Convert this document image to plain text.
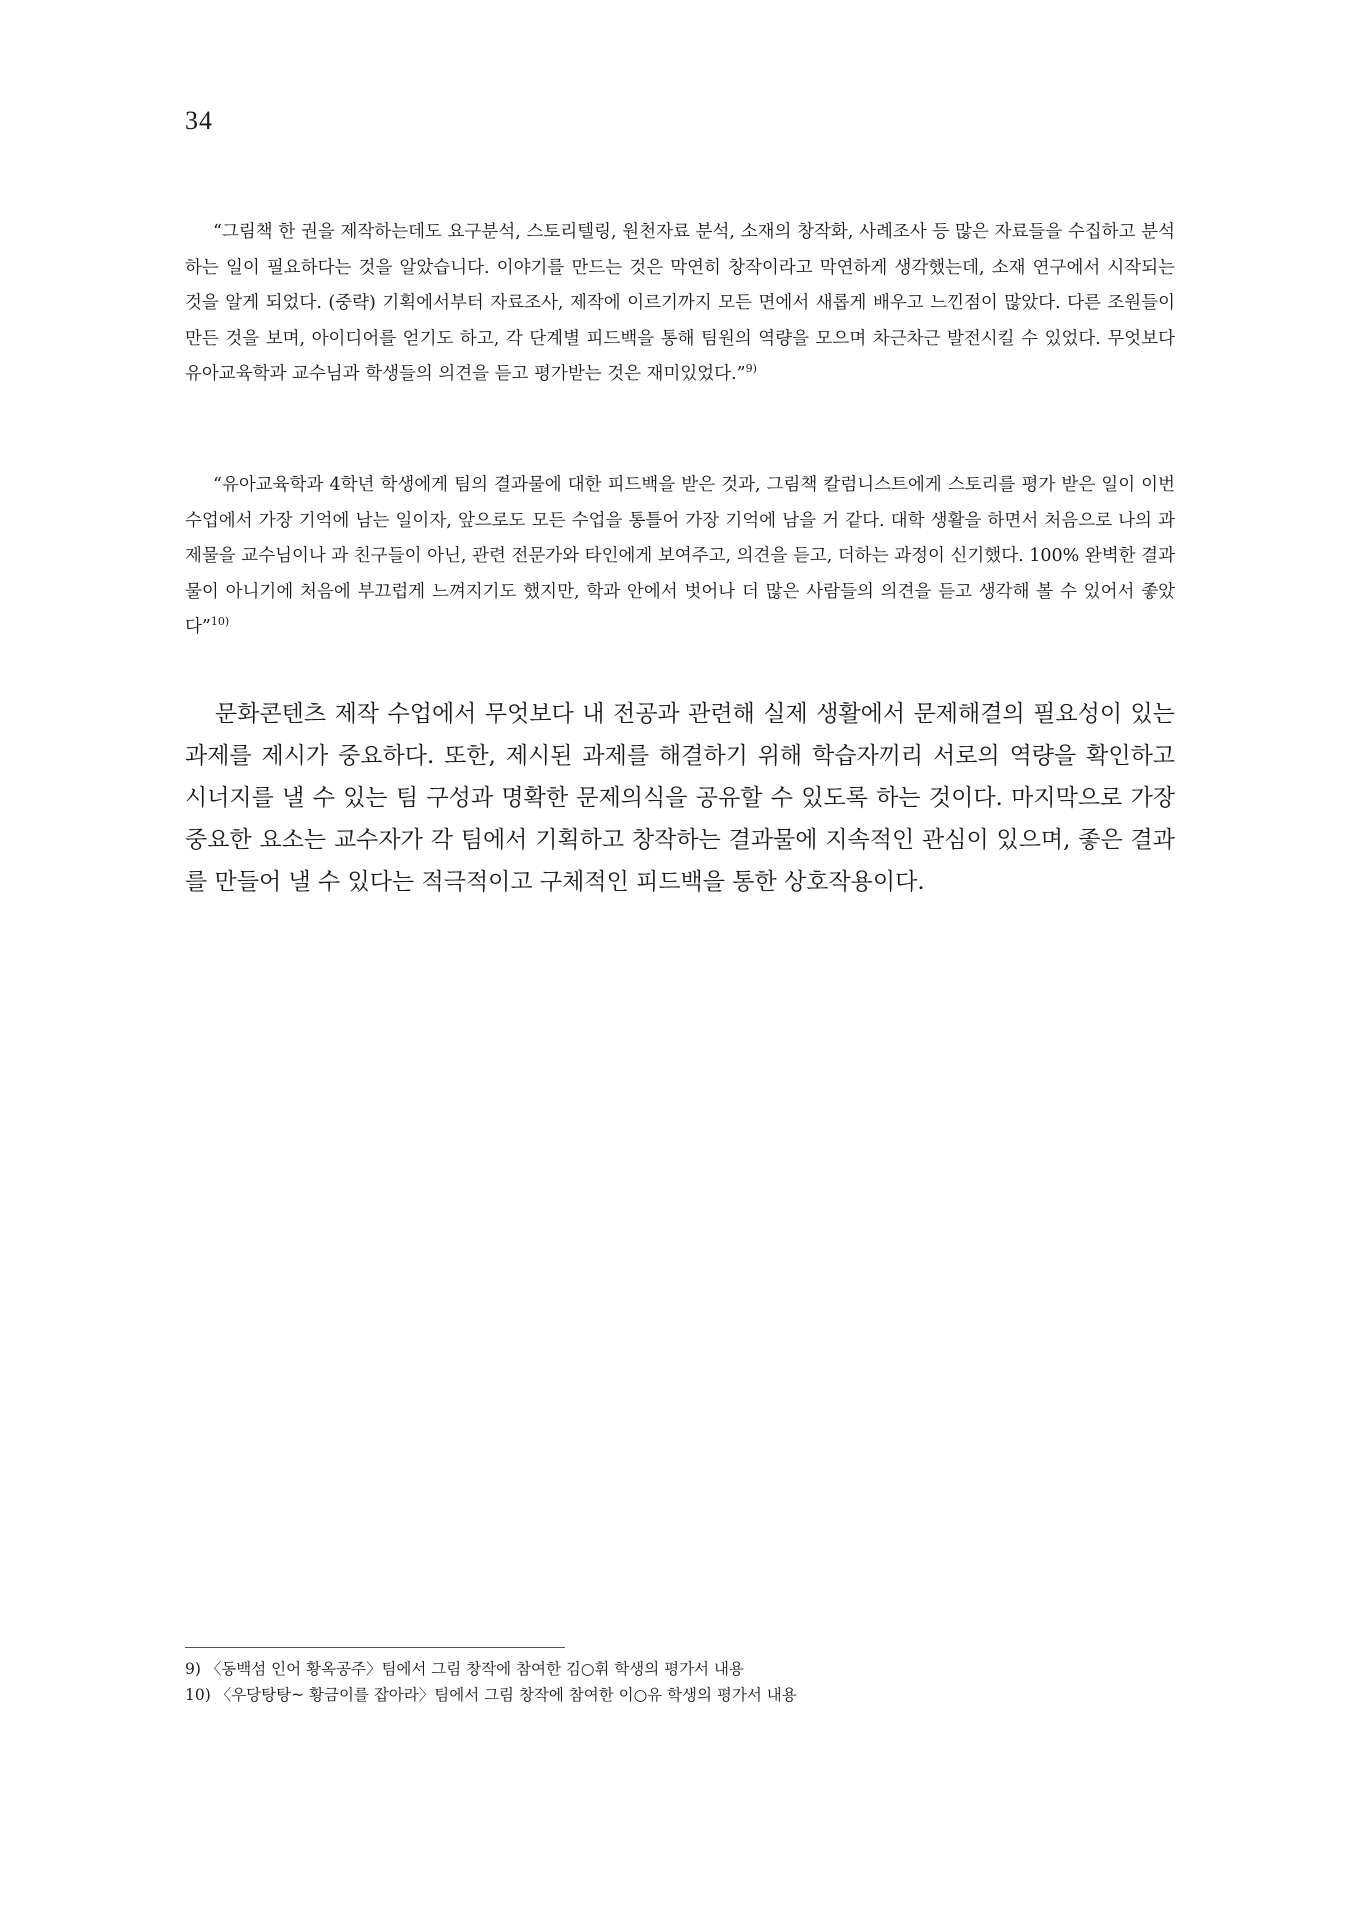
34

“그림책 한 권을 제작하는데도 요구분석, 스토리텔링, 원천자료 분석, 소재의 창작화, 사례조사 등 많은 자료들을 수집하고 분석하는 일이 필요하다는 것을 알았습니다. 이야기를 만드는 것은 막연히 창작이라고 막연하게 생각했는데, 소재 연구에서 시작되는 것을 알게 되었다. (중략) 기획에서부터 자료조사, 제작에 이르기까지 모든 면에서 새롭게 배우고 느낀점이 많았다. 다른 조원들이 만든 것을 보며, 아이디어를 얻기도 하고, 각 단계별 피드백을 통해 팀원의 역량을 모으며 차근차근 발전시킬 수 있었다. 무엇보다 유아교육학과 교수님과 학생들의 의견을 듣고 평가받는 것은 재미있었다.”$^{9)}$

“유아교육학과 4학년 학생에게 팀의 결과물에 대한 피드백을 받은 것과, 그림책 칼럼니스트에게 스토리를 평가 받은 일이 이번 수업에서 가장 기억에 남는 일이자, 앞으로도 모든 수업을 통틀어 가장 기억에 남을 거 같다. 대학 생활을 하면서 처음으로 나의 과제물을 교수님이나 과 친구들이 아닌, 관련 전문가와 타인에게 보여주고, 의견을 듣고, 더하는 과정이 신기했다. 100% 완벽한 결과물이 아니기에 처음에 부끄럽게 느껴지기도 했지만, 학과 안에서 벗어나 더 많은 사람들의 의견을 듣고 생각해 볼 수 있어서 좋았다”$^{10)}$

문화콘텐츠 제작 수업에서 무엇보다 내 전공과 관련해 실제 생활에서 문제해결의 필요성이 있는 과제를 제시가 중요하다. 또한, 제시된 과제를 해결하기 위해 학습자끼리 서로의 역량을 확인하고 시너지를 낼 수 있는 팀 구성과 명확한 문제의식을 공유할 수 있도록 하는 것이다. 마지막으로 가장 중요한 요소는 교수자가 각 팀에서 기획하고 창작하는 결과물에 지속적인 관심이 있으며, 좋은 결과를 만들어 낼 수 있다는 적극적이고 구체적인 피드백을 통한 상호작용이다.

9) 〈동백섬 인어 황옥공주〉팀에서 그림 창작에 참여한 김○휘 학생의 평가서 내용
10) 〈우당탕탕~ 황금이를 잡아라〉팀에서 그림 창작에 참여한 이○유 학생의 평가서 내용
